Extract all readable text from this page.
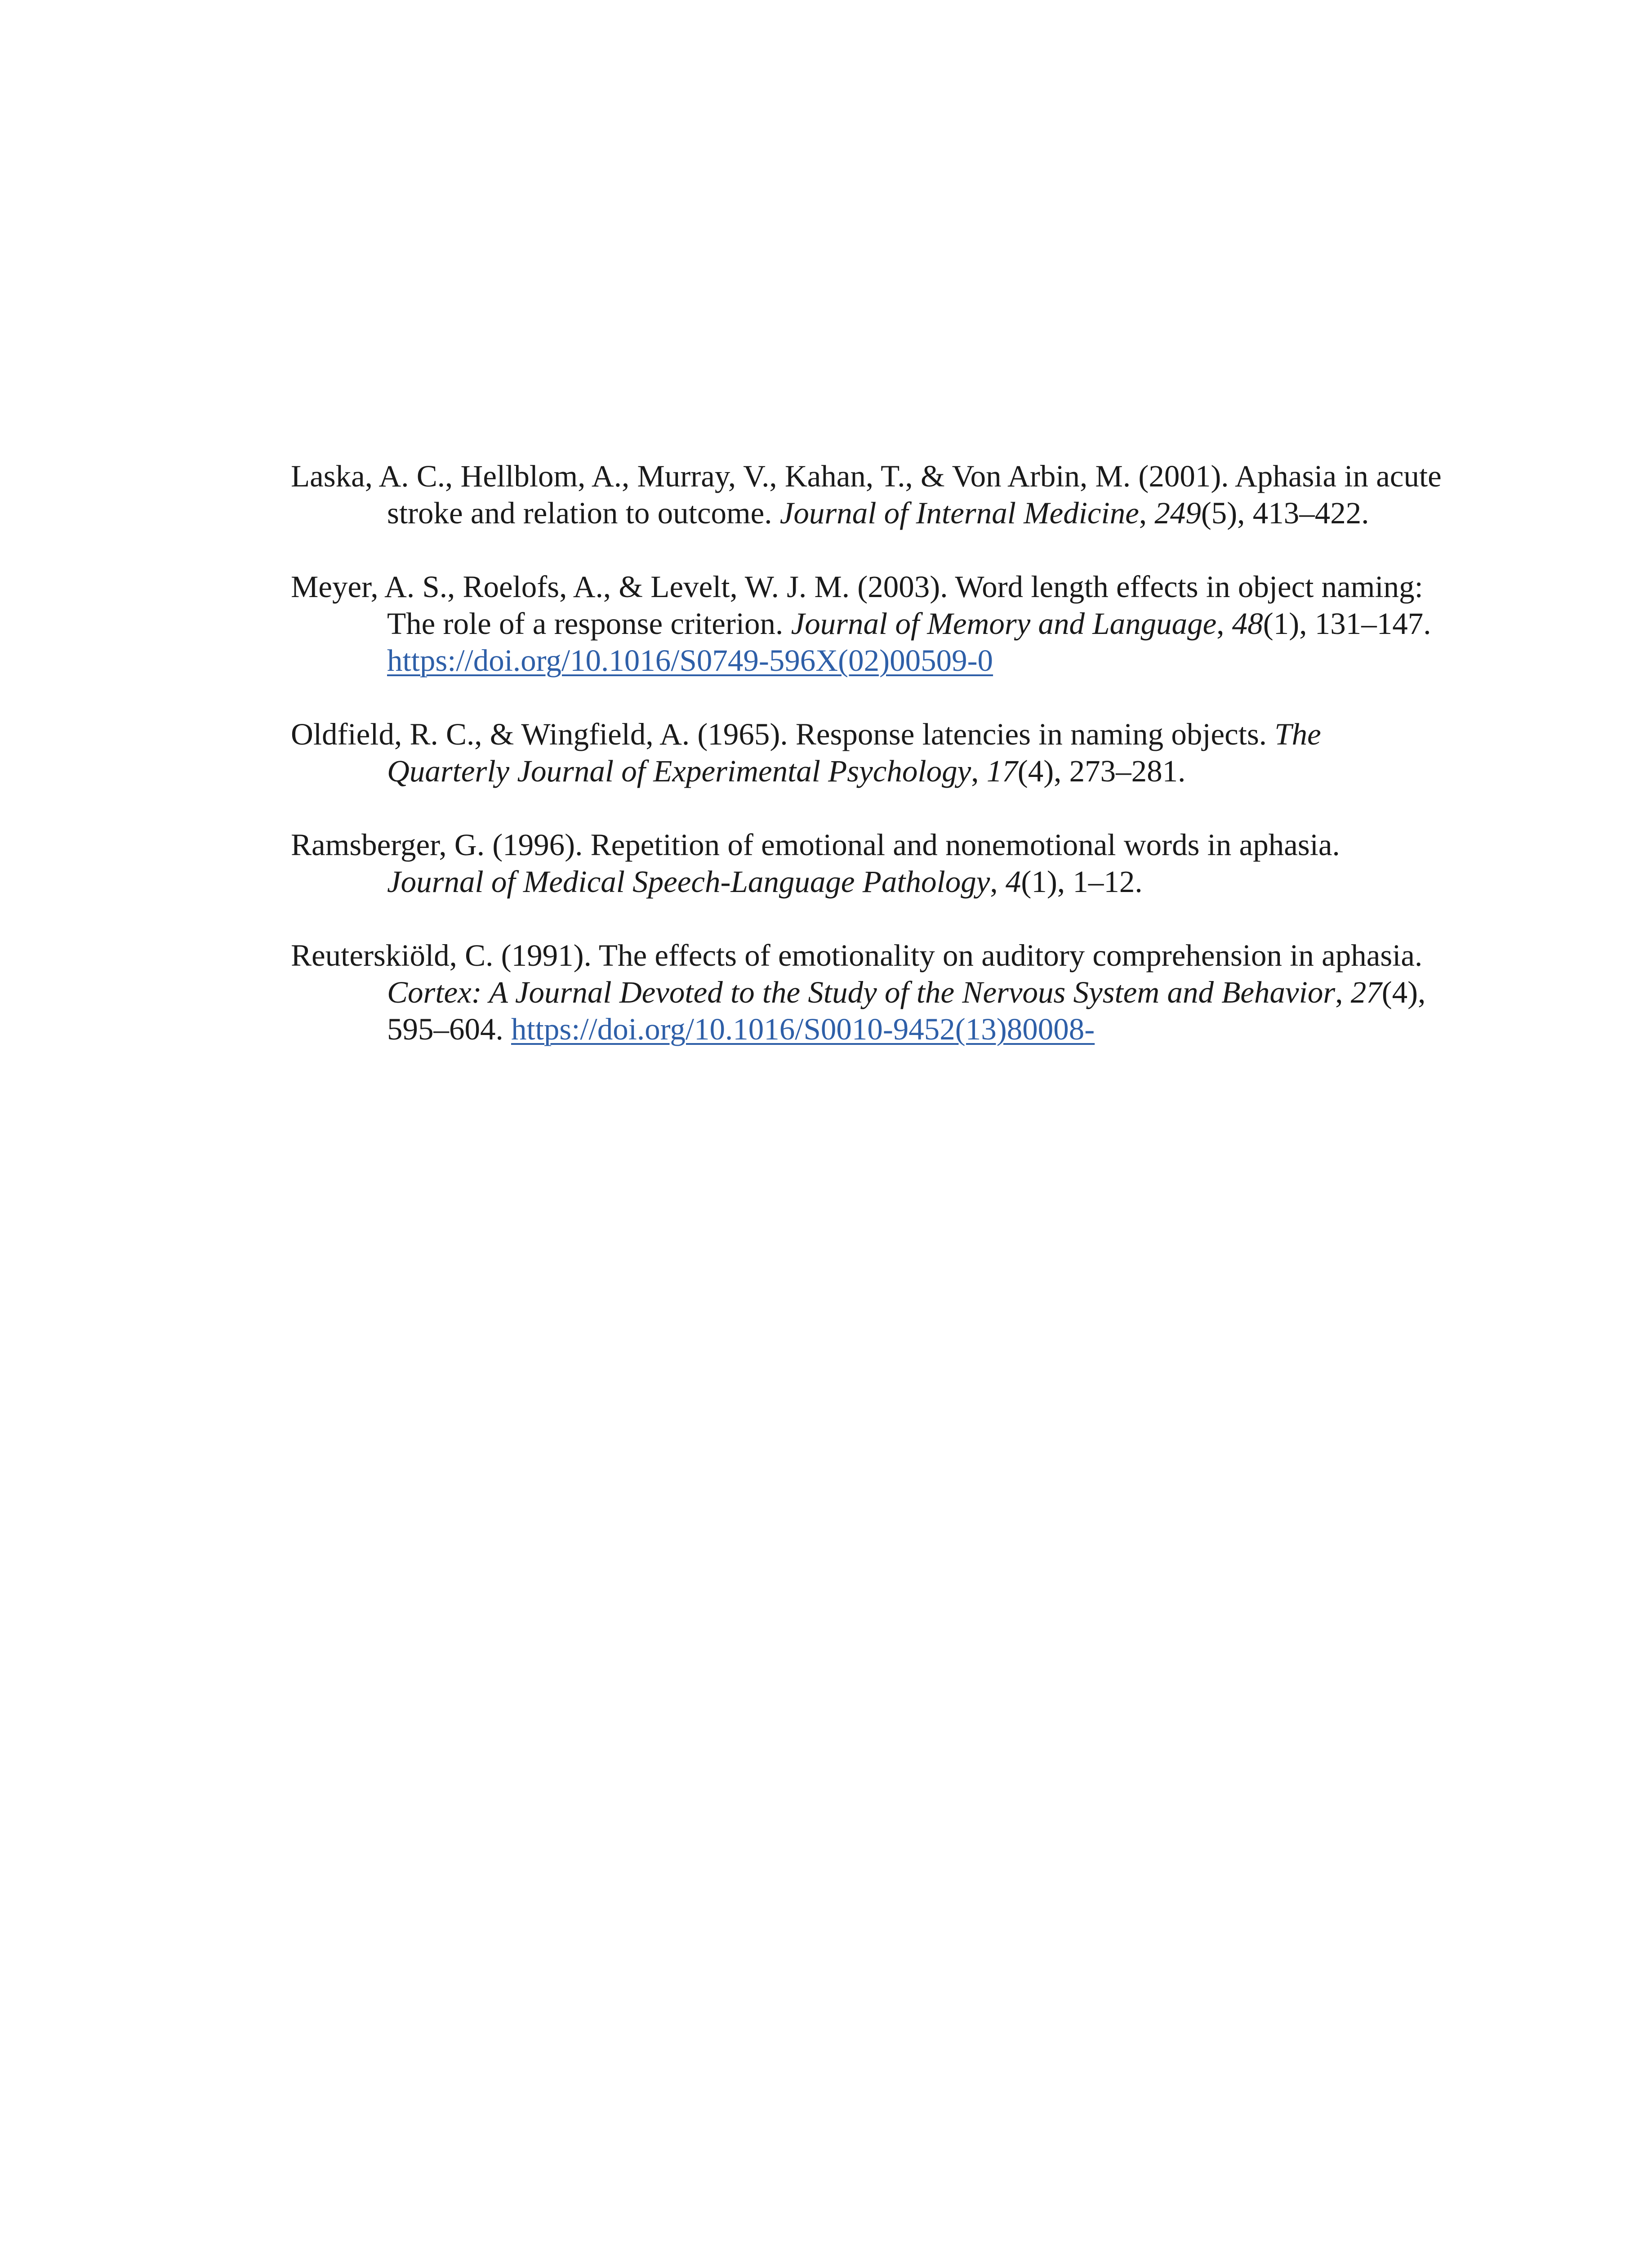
Laska, A. C., Hellblom, A., Murray, V., Kahan, T., & Von Arbin, M. (2001). Aphasia in acute stroke and relation to outcome. Journal of Internal Medicine, 249(5), 413–422.

Meyer, A. S., Roelofs, A., & Levelt, W. J. M. (2003). Word length effects in object naming: The role of a response criterion. Journal of Memory and Language, 48(1), 131–147. https://doi.org/10.1016/S0749-596X(02)00509-0

Oldfield, R. C., & Wingfield, A. (1965). Response latencies in naming objects. The Quarterly Journal of Experimental Psychology, 17(4), 273–281.

Ramsberger, G. (1996). Repetition of emotional and nonemotional words in aphasia. Journal of Medical Speech-Language Pathology, 4(1), 1–12.

Reuterskiöld, C. (1991). The effects of emotionality on auditory comprehension in aphasia. Cortex: A Journal Devoted to the Study of the Nervous System and Behavior, 27(4), 595–604. https://doi.org/10.1016/S0010-9452(13)80008-
